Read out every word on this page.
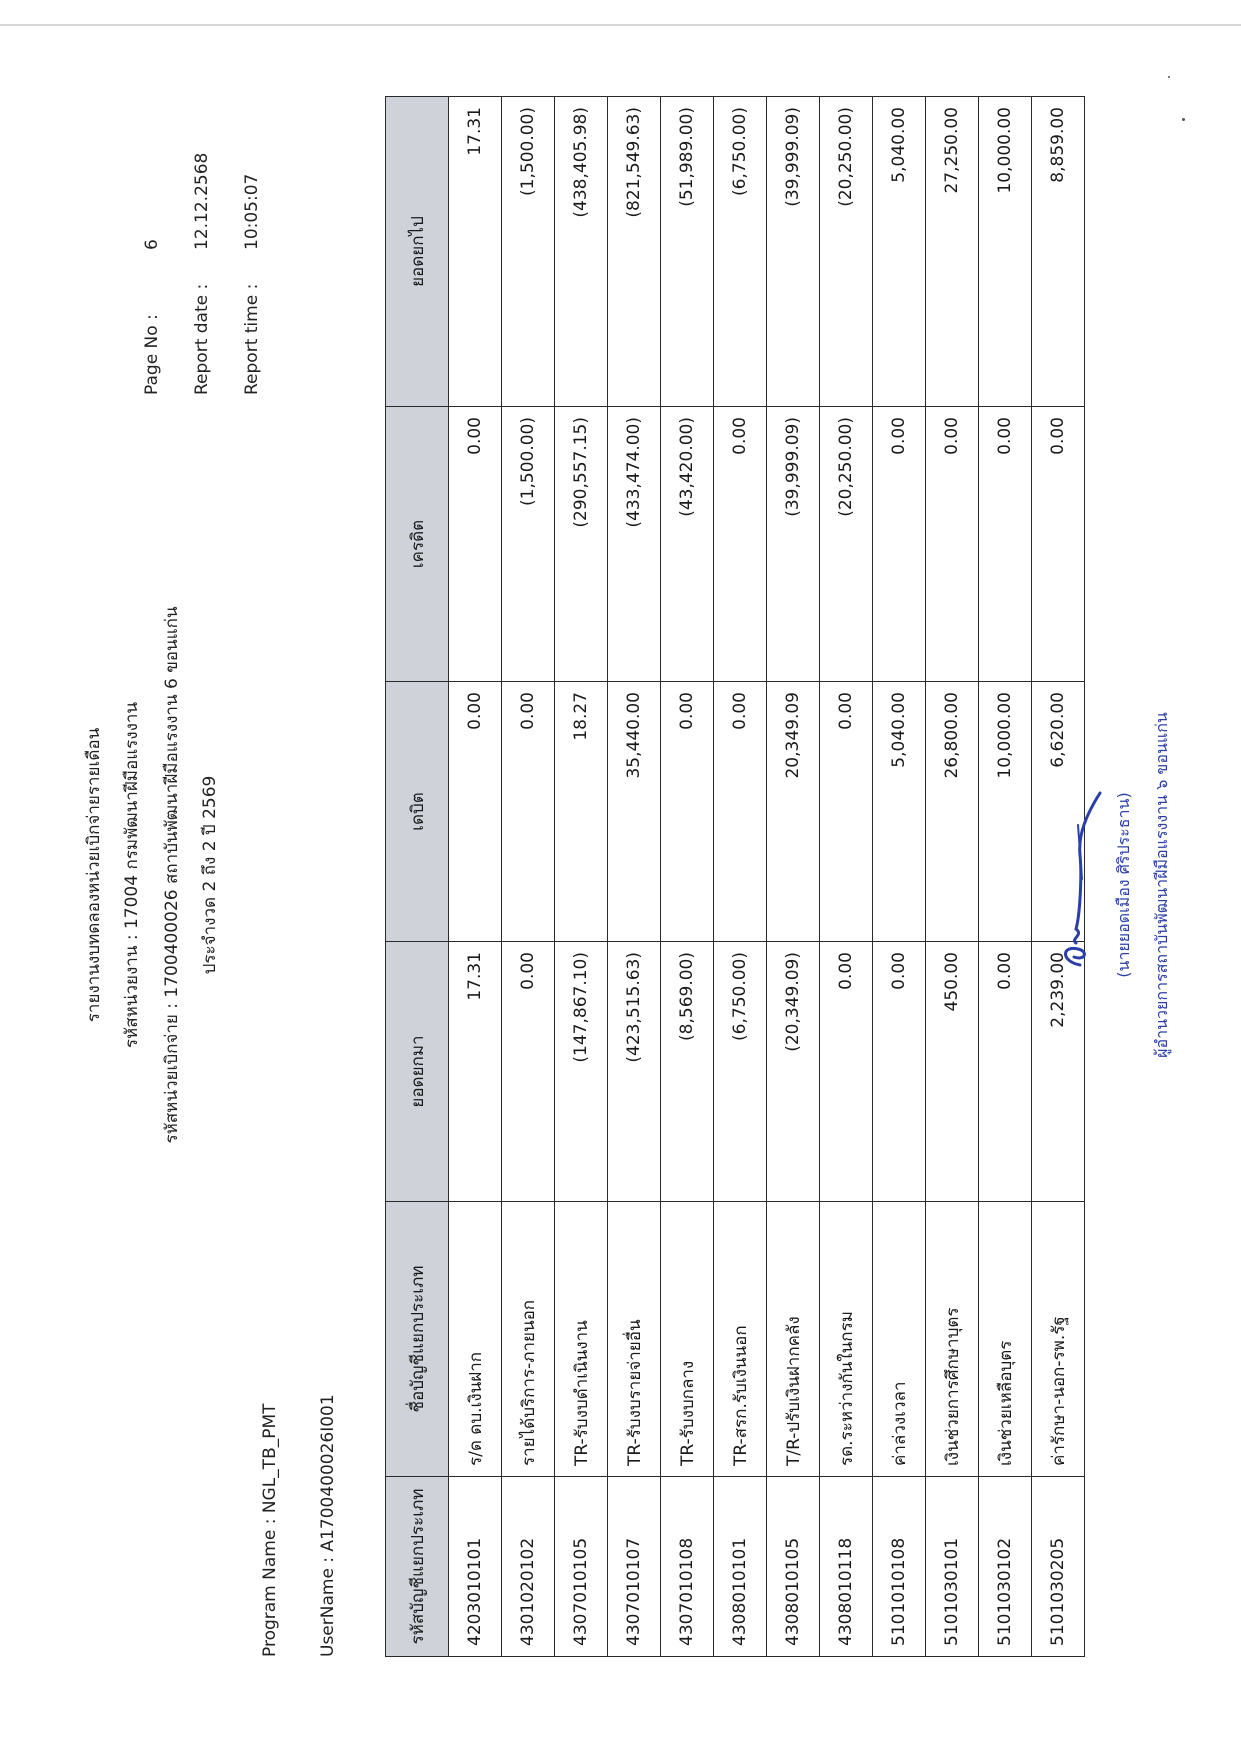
รายงานงบทดลองหน่วยเบิกจ่ายรายเดือน รหัสหน่วยงาน : 17004 กรมพัฒนาฝีมือแรงงาน รหัสหน่วยเบิกจ่าย : 1700400026 สถาบันพัฒนาฝีมือแรงงาน 6 ขอนแก่น ประจำงวด 2 ถึง 2 ปี 2569
Program Name : NGL_TB_PMT UserName : A1700400026I001
Page No :
6
Report date :
12.12.2568
Report time :
10:05:07
รหัสบัญชีแยกประเภท	ชื่อบัญชีแยกประเภท	ยอดยกมา	เดบิต	เครดิต	ยอดยกไป
4203010101	ร/ด ดบ.เงินฝาก	17.31	0.00	0.00	17.31
4301020102	รายได้บริการ-ภายนอก	0.00	0.00	(1,500.00)	(1,500.00)
4307010105	TR-รับงบดำเนินงาน	(147,867.10)	18.27	(290,557.15)	(438,405.98)
4307010107	TR-รับงบรายจ่ายอื่น	(423,515.63)	35,440.00	(433,474.00)	(821,549.63)
4307010108	TR-รับงบกลาง	(8,569.00)	0.00	(43,420.00)	(51,989.00)
4308010101	TR-สรก.รับเงินนอก	(6,750.00)	0.00	0.00	(6,750.00)
4308010105	T/R-ปรับเงินฝากคลัง	(20,349.09)	20,349.09	(39,999.09)	(39,999.09)
4308010118	รด.ระหว่างกันในกรม	0.00	0.00	(20,250.00)	(20,250.00)
5101010108	ค่าล่วงเวลา	0.00	5,040.00	0.00	5,040.00
5101030101	เงินช่วยการศึกษาบุตร	450.00	26,800.00	0.00	27,250.00
5101030102	เงินช่วยเหลือบุตร	0.00	10,000.00	0.00	10,000.00
5101030205	ค่ารักษา-นอก-รพ.รัฐ	2,239.00	6,620.00	0.00	8,859.00
(นายยอดเมือง ศิริประธาน) ผู้อำนวยการสถาบันพัฒนาฝีมือแรงงาน ๖ ขอนแก่น
